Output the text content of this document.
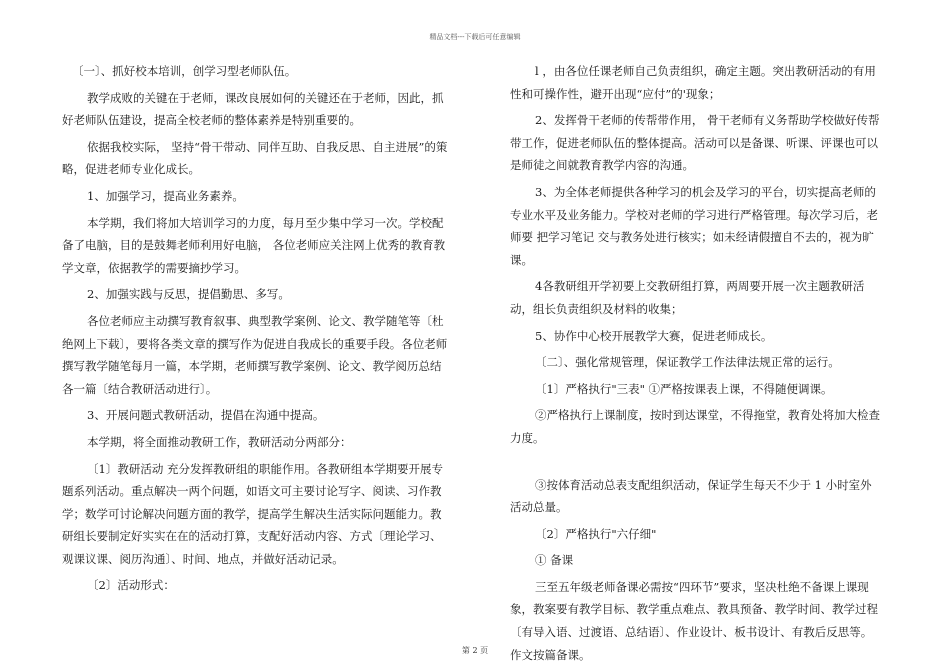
精品文档---下载后可任意编辑

〔一〕、抓好校本培训，创学习型老师队伍。

教学成败的关键在于老师，课改良展如何的关键还在于老师，因此，抓好老师队伍建设，提高全校老师的整体素养是特别重要的。

依据我校实际， 坚持“骨干带动、同伴互助、自我反思、自主进展”的策略，促进老师专业化成长。

1、加强学习，提高业务素养。

本学期，我们将加大培训学习的力度，每月至少集中学习一次。学校配备了电脑，目的是鼓舞老师利用好电脑， 各位老师应关注网上优秀的教育教学文章，依据教学的需要摘抄学习。

2、加强实践与反思，提倡勤思、多写。

各位老师应主动撰写教育叙事、典型教学案例、论文、教学随笔等〔杜绝网上下载〕，要将各类文章的撰写作为促进自我成长的重要手段。各位老师撰写教学随笔每月一篇，本学期，老师撰写教学案例、论文、教学阅历总结各一篇〔结合教研活动进行〕。

3、开展问题式教研活动，提倡在沟通中提高。

本学期，将全面推动教研工作，教研活动分两部分：

〔1〕教研活动 充分发挥教研组的职能作用。各教研组本学期要开展专题系列活动。重点解决一两个问题，如语文可主要讨论写字、阅读、习作教学；数学可讨论解决问题方面的教学，提高学生解决生活实际问题能力。教研组长要制定好实实在在的活动打算，支配好活动内容、方式〔理论学习、观课议课、阅历沟通〕、时间、地点，并做好活动记录。

〔2〕活动形式：

l ，由各位任课老师自己负责组织，确定主题。突出教研活动的有用性和可操作性，避开出现“应付”的'现象；

2、发挥骨干老师的传帮带作用， 骨干老师有义务帮助学校做好传帮带工作，促进老师队伍的整体提高。活动可以是备课、听课、评课也可以是师徒之间就教育教学内容的沟通。

3、为全体老师提供各种学习的机会及学习的平台，切实提高老师的专业水平及业务能力。学校对老师的学习进行严格管理。每次学习后，老师要 把学习笔记 交与教务处进行核实；如未经请假擅自不去的，视为旷课。

4各教研组开学初要上交教研组打算，两周要开展一次主题教研活动，组长负责组织及材料的收集；

5、协作中心校开展教学大赛，促进老师成长。

〔二〕、强化常规管理，保证教学工作法律法规正常的运行。

〔1〕严格执行"三表" ①严格按课表上课，不得随便调课。

②严格执行上课制度，按时到达课堂，不得拖堂，教育处将加大检查力度。

③按体育活动总表支配组织活动，保证学生每天不少于 1 小时室外活动总量。

〔2〕严格执行"六仔细"

① 备课

三至五年级老师备课必需按“四环节”要求，坚决杜绝不备课上课现象，教案要有教学目标、教学重点难点、教具预备、教学时间、教学过程〔有导入语、过渡语、总结语〕、作业设计、板书设计、有教后反思等。作文按篇备课。

第 2 页
